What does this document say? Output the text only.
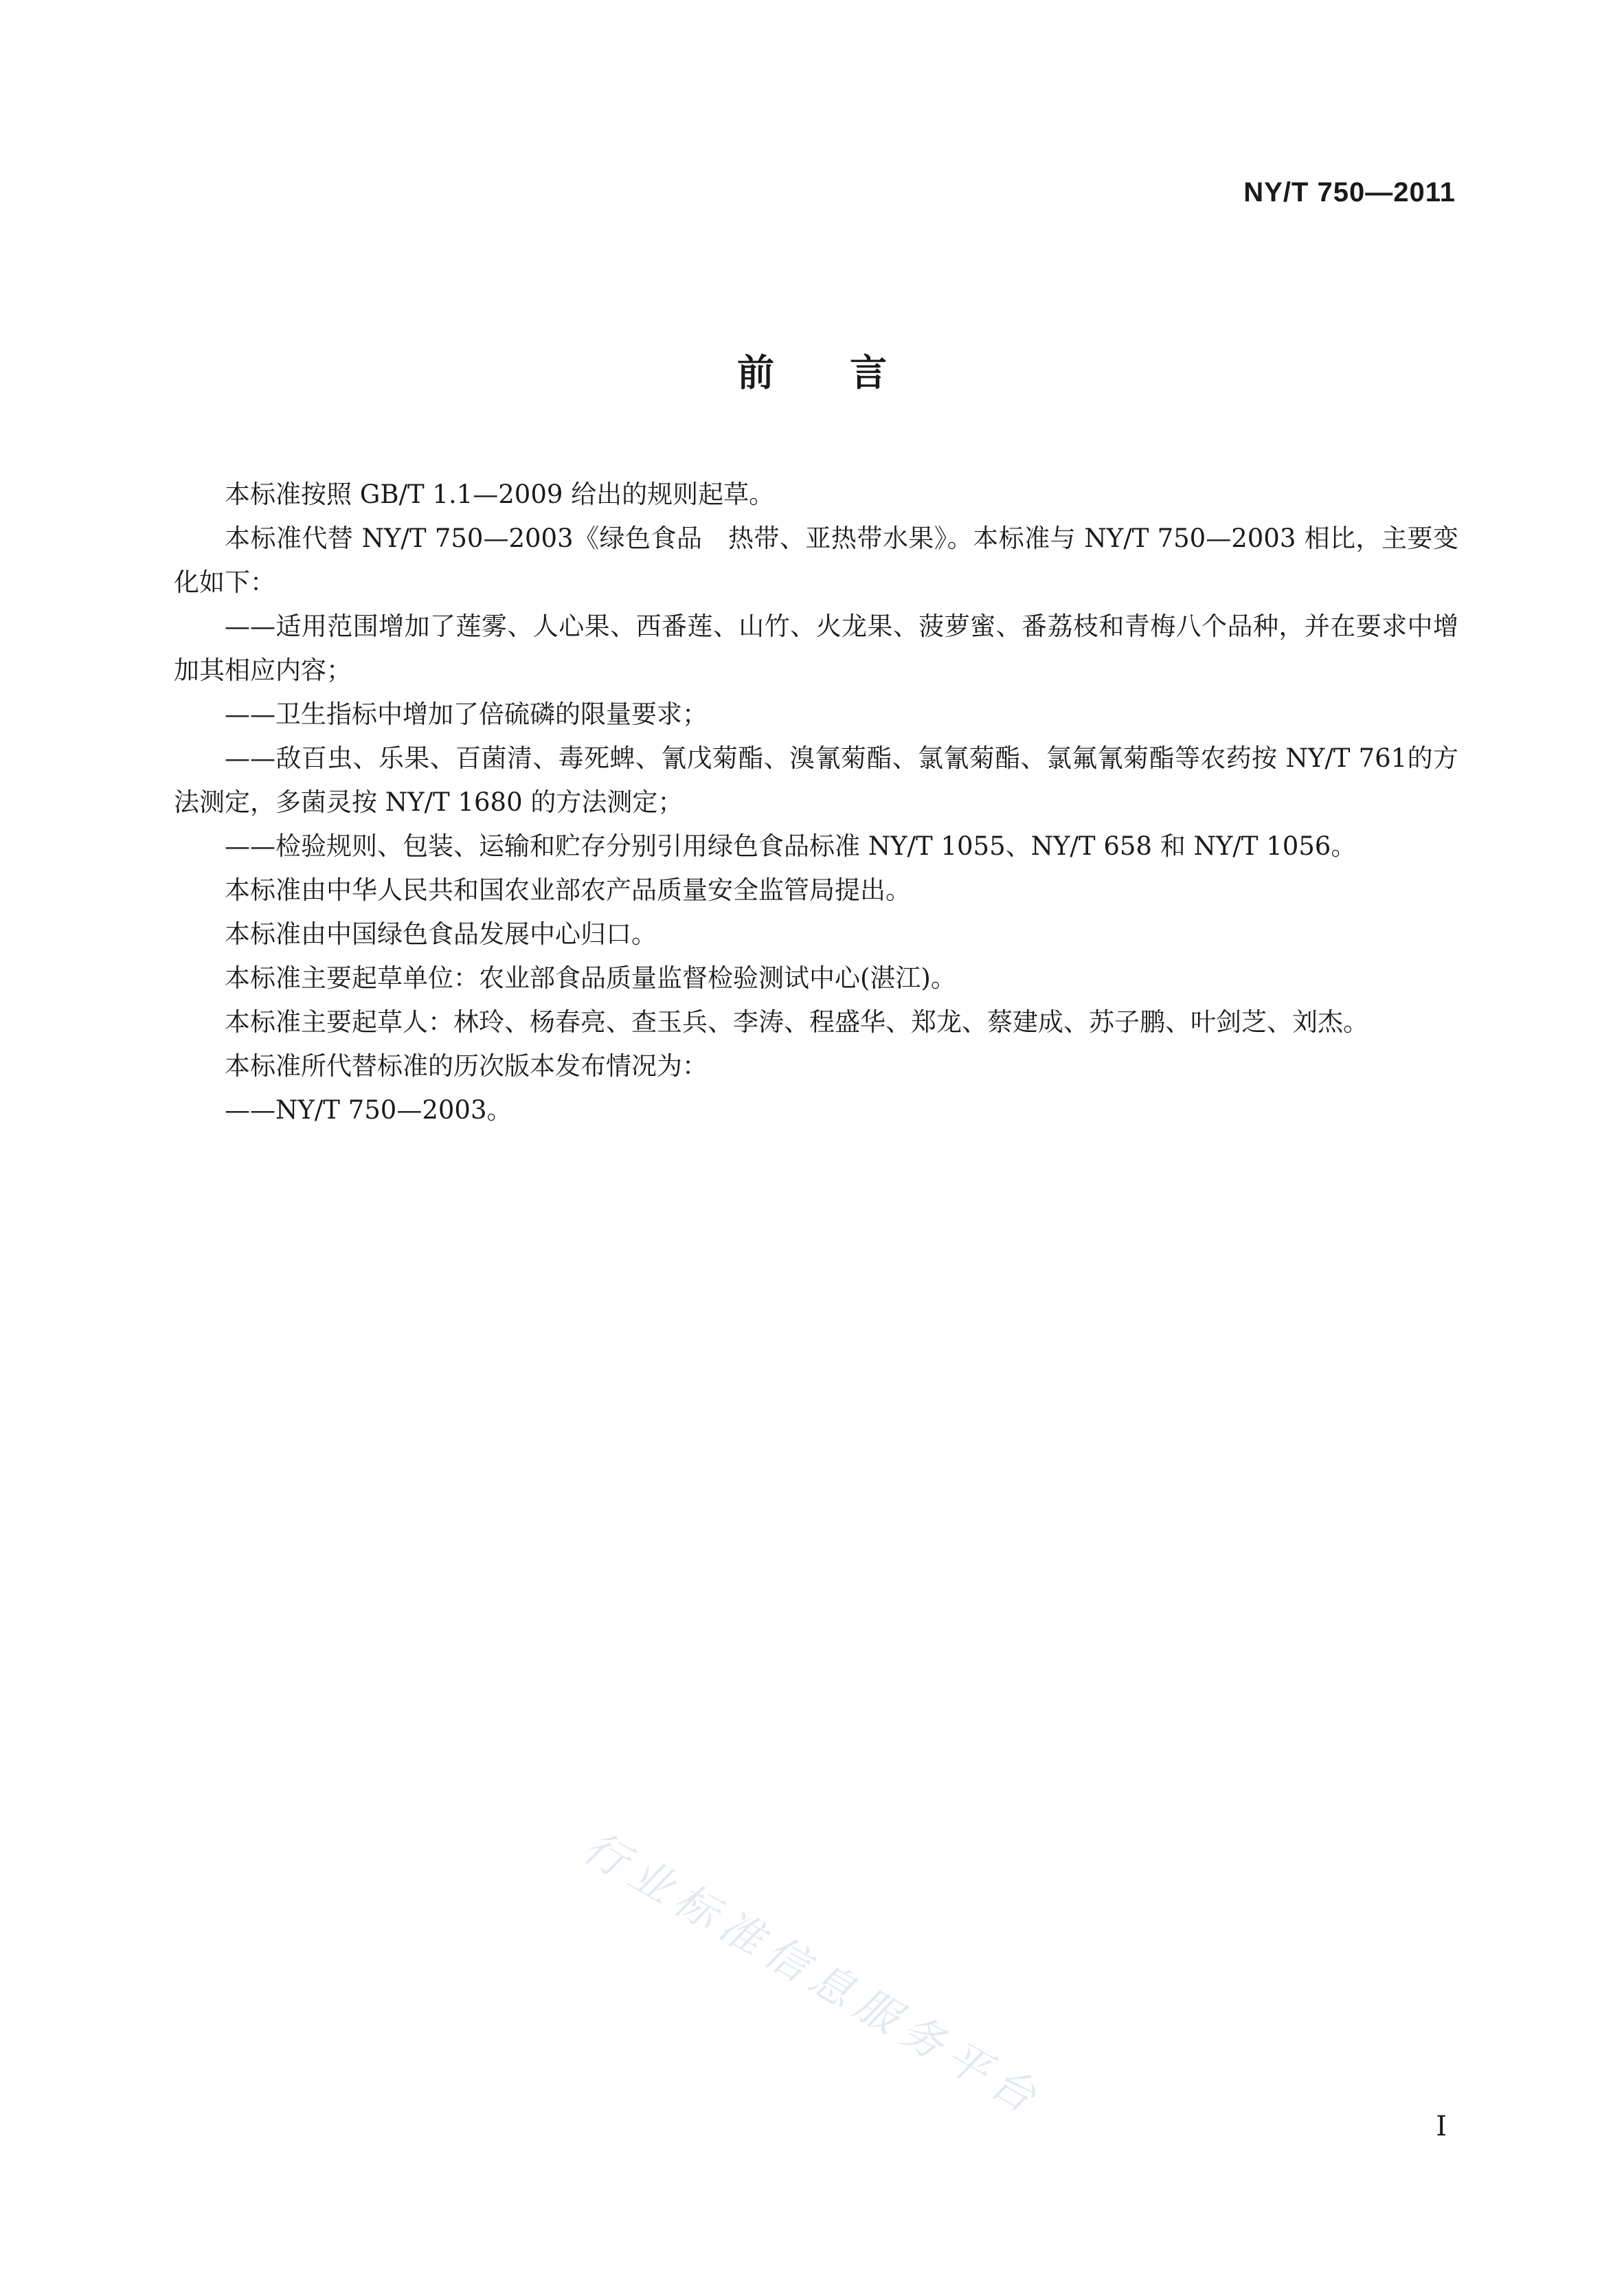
NY/T 750—2011
前言

本标准按照 GB/T 1.1—2009 给出的规则起草。

本标准代替 NY/T 750—2003《绿色食品　热带、亚热带水果》。本标准与 NY/T 750—2003 相比，主要变化如下：

——适用范围增加了莲雾、人心果、西番莲、山竹、火龙果、菠萝蜜、番荔枝和青梅八个品种，并在要求中增加其相应内容；

——卫生指标中增加了倍硫磷的限量要求；

——敌百虫、乐果、百菌清、毒死蜱、氰戊菊酯、溴氰菊酯、氯氰菊酯、氯氟氰菊酯等农药按 NY/T 761的方法测定，多菌灵按 NY/T 1680 的方法测定；

——检验规则、包装、运输和贮存分别引用绿色食品标准 NY/T 1055、NY/T 658 和 NY/T 1056。

本标准由中华人民共和国农业部农产品质量安全监管局提出。

本标准由中国绿色食品发展中心归口。

本标准主要起草单位：农业部食品质量监督检验测试中心(湛江)。

本标准主要起草人：林玲、杨春亮、查玉兵、李涛、程盛华、郑龙、蔡建成、苏子鹏、叶剑芝、刘杰。

本标准所代替标准的历次版本发布情况为：

——NY/T 750—2003。

行业标准信息服务平台
I
